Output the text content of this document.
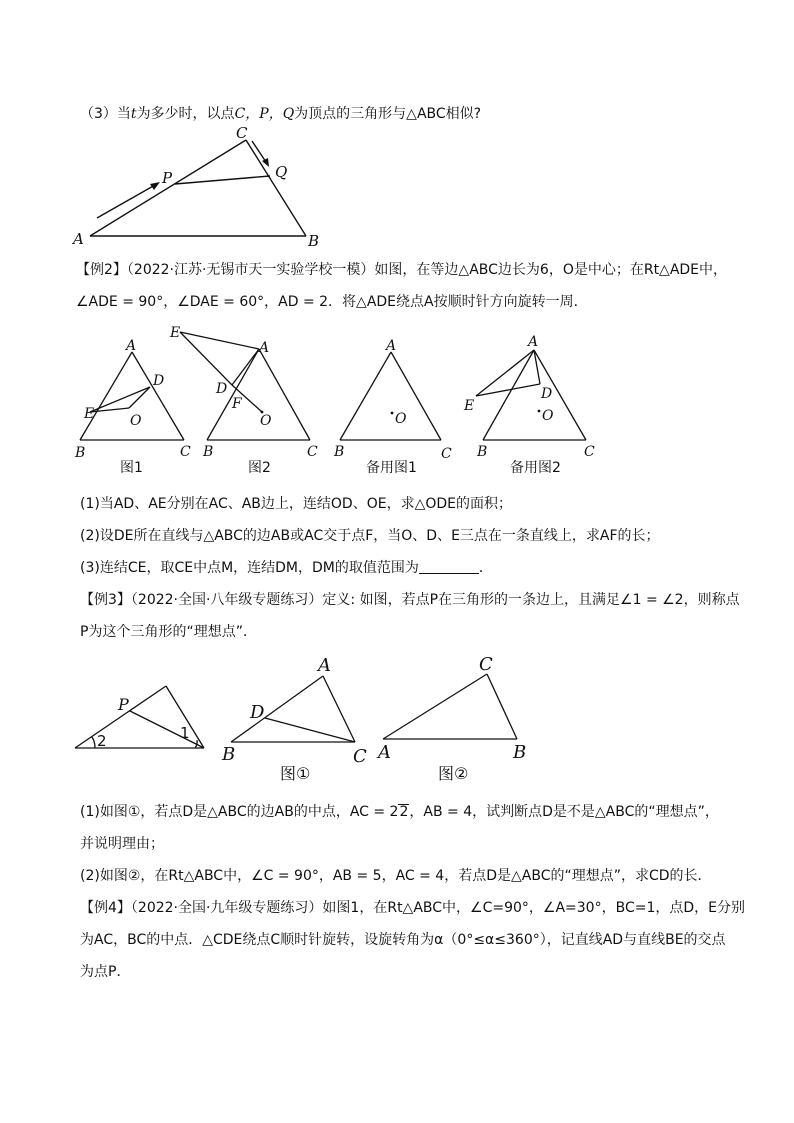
（3）当t为多少时，以点C，P，Q为顶点的三角形与△ABC相似?
A	B
C
P	Q
【例2】（2022·江苏·无锡市天一实验学校一模）如图，在等边△ABC边长为6，O是中心；在Rt△ADE中，
∠ADE = 90°，∠DAE = 60°，AD = 2．将△ADE绕点A按顺时针方向旋转一周．
A
B	C
D
E	O
图1
A
B	C
D
E
F
O
图2
A
B	C
O
备用图1
A
B	C
D
E
O
备用图2
(1)当AD、AE分别在AC、AB边上，连结OD、OE，求△ODE的面积；
(2)设DE所在直线与△ABC的边AB或AC交于点F，当O、D、E三点在一条直线上，求AF的长；
(3)连结CE，取CE中点M，连结DM，DM的取值范围为	．
【例3】（2022·全国·八年级专题练习）定义: 如图，若点P在三角形的一条边上，且满足∠1 = ∠2，则称点
P为这个三角形的“理想点”．
P
1
2
A
B	C
D
图①
C
A	B
图②
(1)如图①，若点D是△ABC的边AB的中点，AC = 22，AB = 4，试判断点D是不是△ABC的“理想点”，
并说明理由；
(2)如图②，在Rt△ABC中，∠C = 90°，AB = 5，AC = 4，若点D是△ABC的“理想点”，求CD的长．
【例4】（2022·全国·九年级专题练习）如图1，在Rt△ABC中，∠C=90°，∠A=30°，BC=1，点D，E分别
为AC，BC的中点．△CDE绕点C顺时针旋转，设旋转角为α（0°≤α≤360°），记直线AD与直线BE的交点
为点P．
